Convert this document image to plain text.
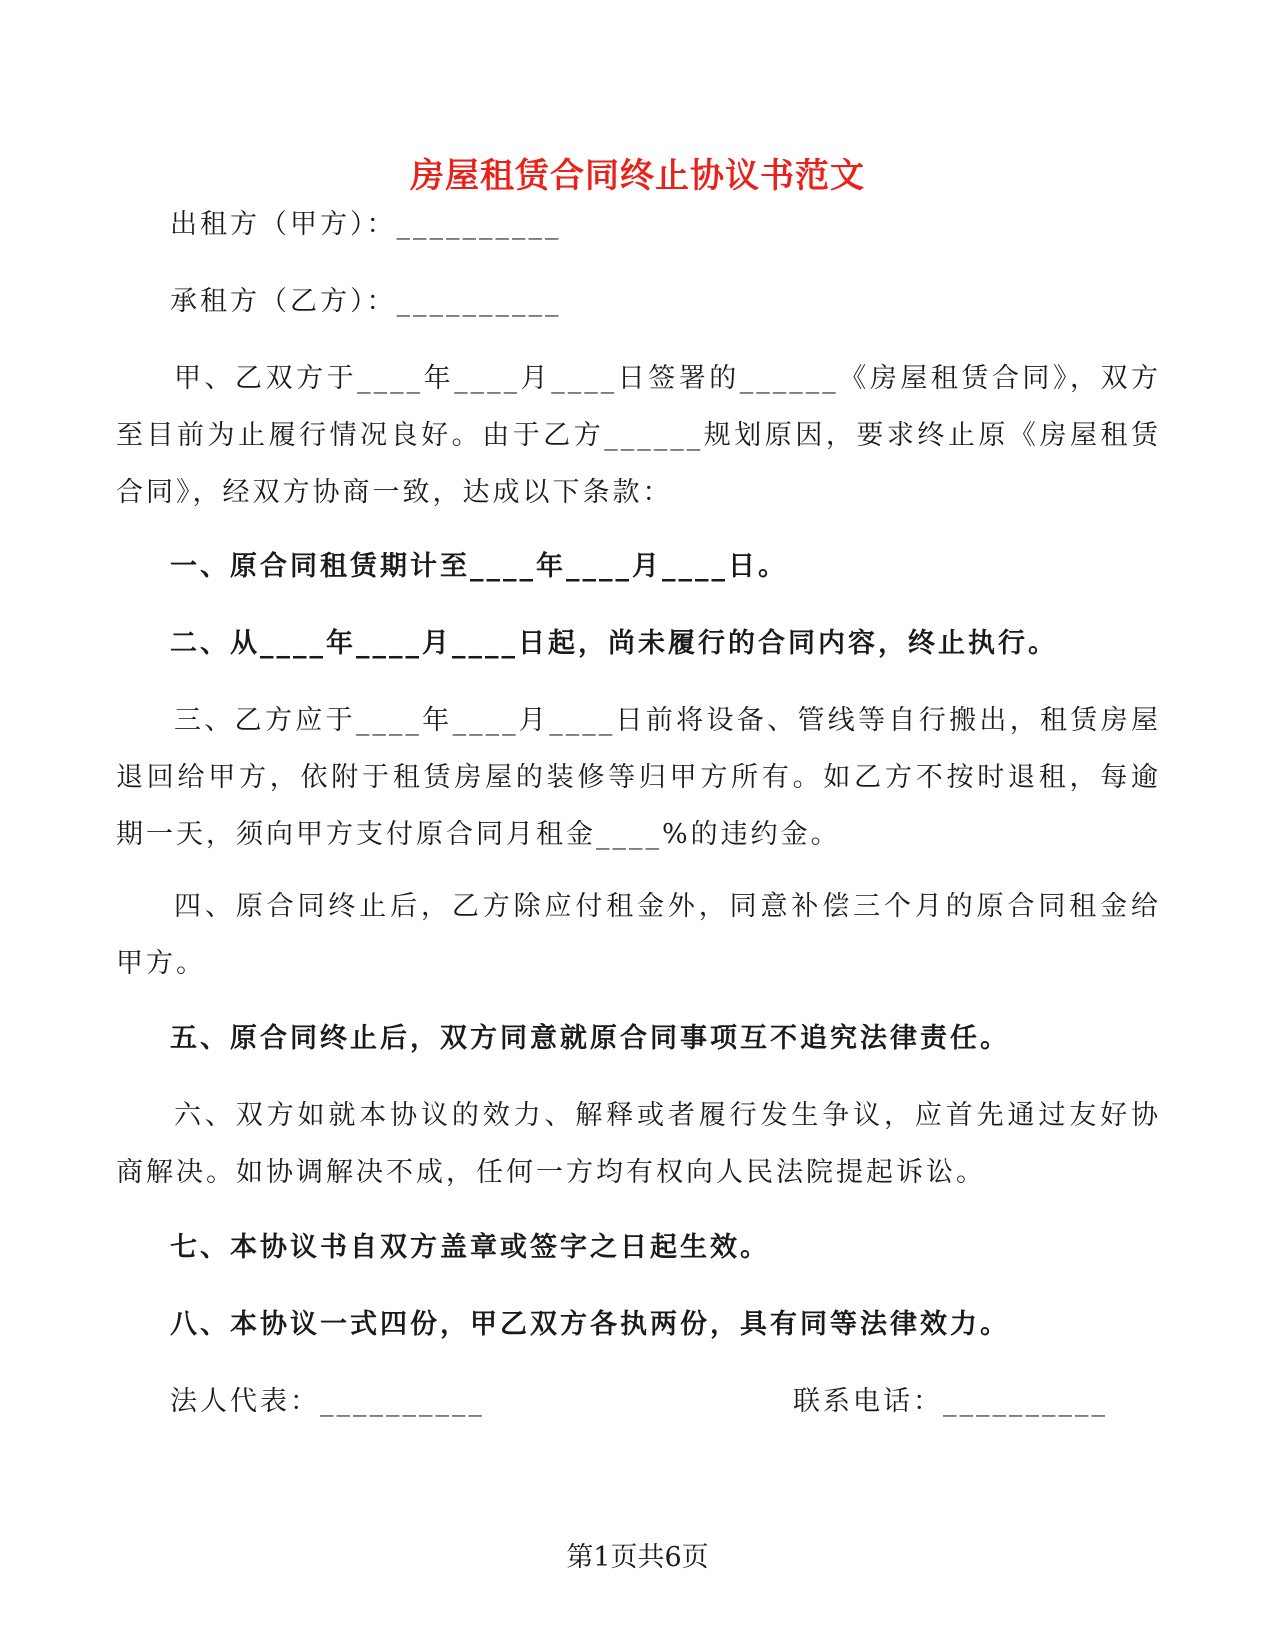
房屋租赁合同终止协议书范文
出租方（甲方）：__________
承租方（乙方）：__________
甲、乙双方于____年____月____日签署的______《房屋租赁合同》，双方至目前为止履行情况良好。由于乙方______规划原因，要求终止原《房屋租赁合同》，经双方协商一致，达成以下条款：
一、原合同租赁期计至____年____月____日。
二、从____年____月____日起，尚未履行的合同内容，终止执行。
三、乙方应于____年____月____日前将设备、管线等自行搬出，租赁房屋退回给甲方，依附于租赁房屋的装修等归甲方所有。如乙方不按时退租，每逾期一天，须向甲方支付原合同月租金____%的违约金。
四、原合同终止后，乙方除应付租金外，同意补偿三个月的原合同租金给甲方。
五、原合同终止后，双方同意就原合同事项互不追究法律责任。
六、双方如就本协议的效力、解释或者履行发生争议，应首先通过友好协商解决。如协调解决不成，任何一方均有权向人民法院提起诉讼。
七、本协议书自双方盖章或签字之日起生效。
八、本协议一式四份，甲乙双方各执两份，具有同等法律效力。
法人代表：__________	联系电话：__________
第1页共6页
